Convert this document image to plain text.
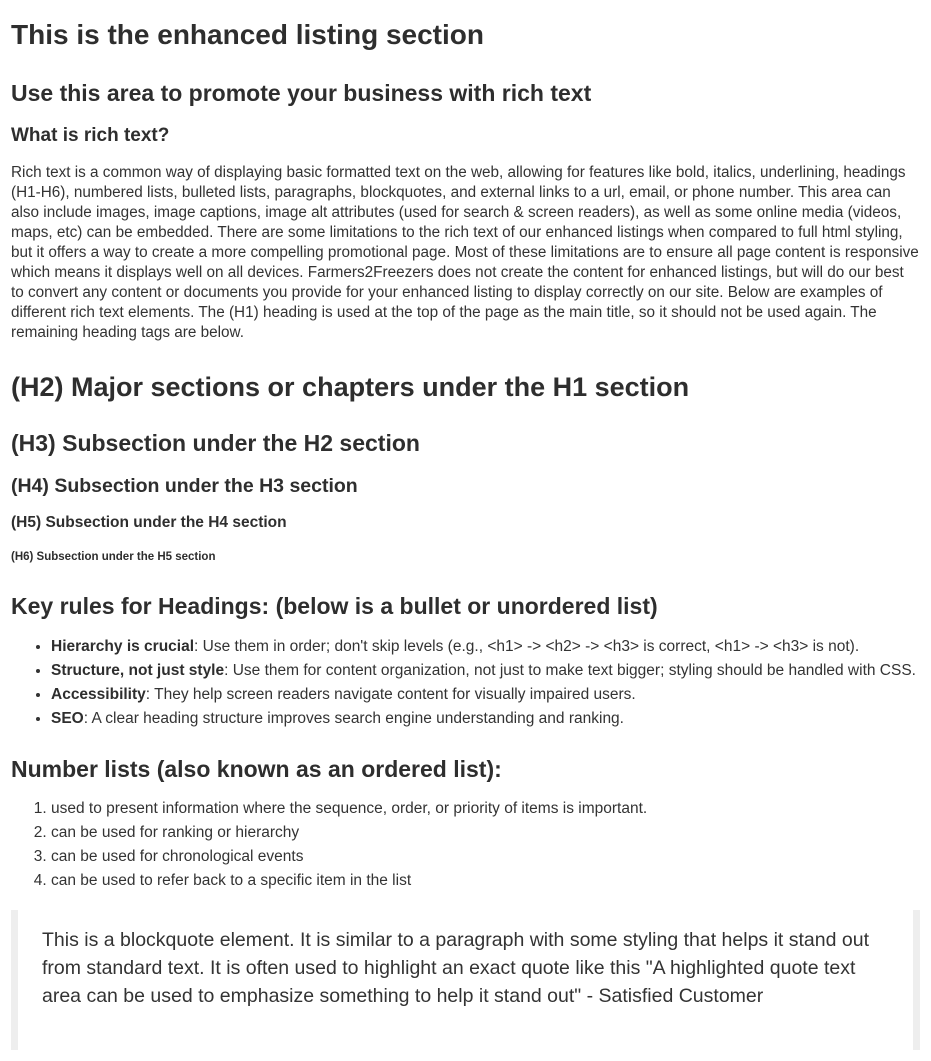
This is the enhanced listing section
Use this area to promote your business with rich text
What is rich text?

Rich text is a common way of displaying basic formatted text on the web, allowing for features like bold, italics, underlining, headings (H1-H6), numbered lists, bulleted lists, paragraphs, blockquotes, and external links to a url, email, or phone number. This area can also include images, image captions, image alt attributes (used for search & screen readers), as well as some online media (videos, maps, etc) can be embedded. There are some limitations to the rich text of our enhanced listings when compared to full html styling, but it offers a way to create a more compelling promotional page. Most of these limitations are to ensure all page content is responsive which means it displays well on all devices. Farmers2Freezers does not create the content for enhanced listings, but will do our best to convert any content or documents you provide for your enhanced listing to display correctly on our site. Below are examples of different rich text elements. The (H1) heading is used at the top of the page as the main title, so it should not be used again. The remaining heading tags are below.

(H2) Major sections or chapters under the H1 section
(H3) Subsection under the H2 section
(H4) Subsection under the H3 section
(H5) Subsection under the H4 section
(H6) Subsection under the H5 section
Key rules for Headings: (below is a bullet or unordered list)
• Hierarchy is crucial: Use them in order; don't skip levels (e.g., <h1> -> <h2> -> <h3> is correct, <h1> -> <h3> is not).
• Structure, not just style: Use them for content organization, not just to make text bigger; styling should be handled with CSS.
• Accessibility: They help screen readers navigate content for visually impaired users.
• SEO: A clear heading structure improves search engine understanding and ranking.
Number lists (also known as an ordered list):
1. used to present information where the sequence, order, or priority of items is important.
2. can be used for ranking or hierarchy
3. can be used for chronological events
4. can be used to refer back to a specific item in the list
This is a blockquote element. It is similar to a paragraph with some styling that helps it stand out from standard text. It is often used to highlight an exact quote like this "A highlighted quote text area can be used to emphasize something to help it stand out" - Satisfied Customer
